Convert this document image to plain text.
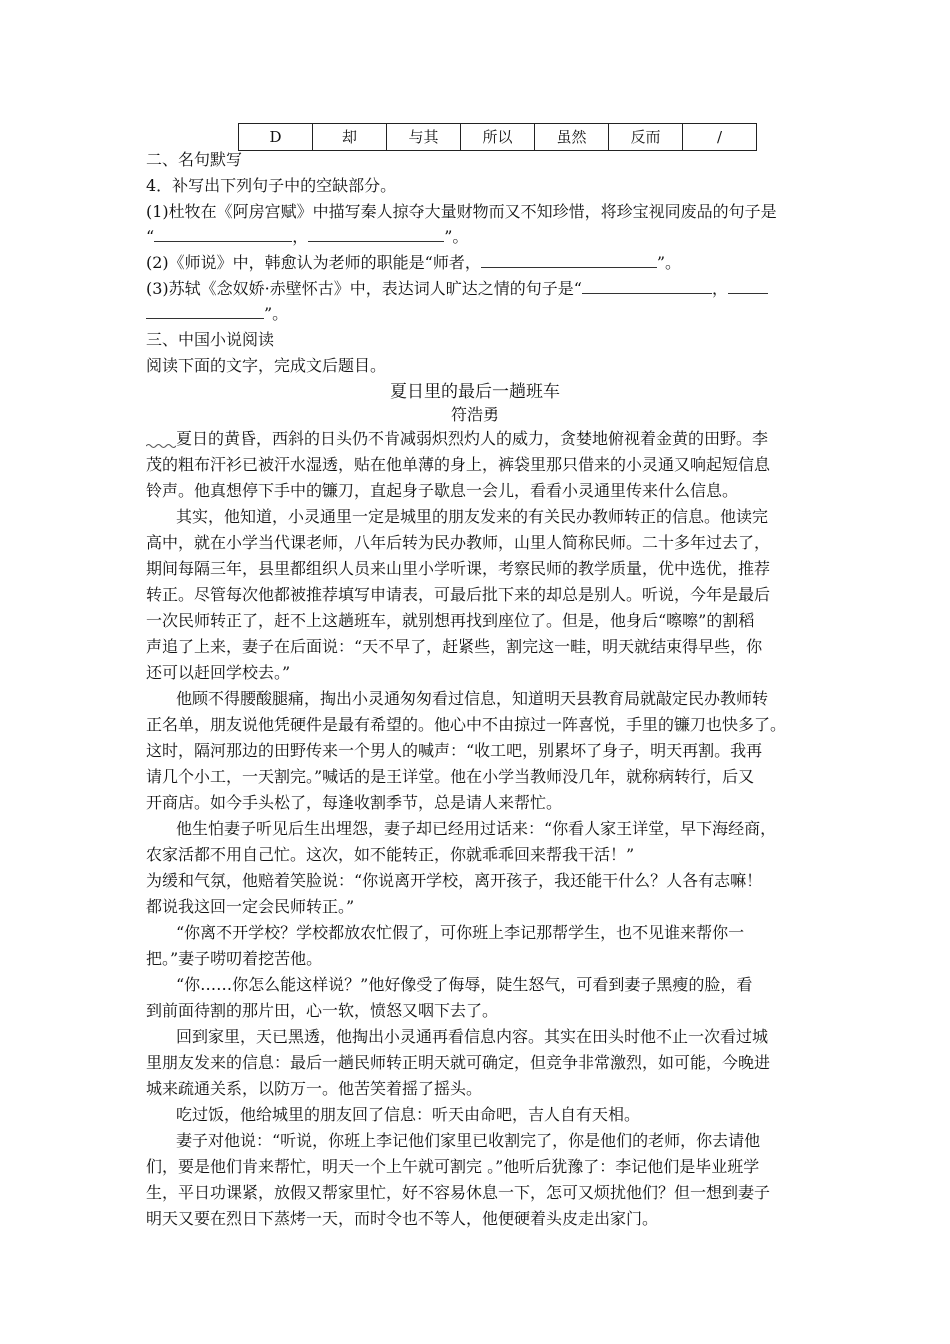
D	却	与其	所以	虽然	反而	/
二、名句默写
4．补写出下列句子中的空缺部分。
(1)杜牧在《阿房宫赋》中描写秦人掠夺大量财物而又不知珍惜，将珍宝视同废品的句子是
“	，	”。
(2)《师说》中，韩愈认为老师的职能是“师者，	”。
(3)苏轼《念奴娇·赤壁怀古》中，表达词人旷达之情的句子是“	，
”。
三、中国小说阅读
阅读下面的文字，完成文后题目。
夏日里的最后一趟班车
符浩勇
夏日的黄昏，西斜的日头仍不肯减弱炽烈灼人的威力，贪婪地俯视着金黄的田野。李
茂的粗布汗衫已被汗水湿透，贴在他单薄的身上，裤袋里那只借来的小灵通又响起短信息
铃声。他真想停下手中的镰刀，直起身子歇息一会儿，看看小灵通里传来什么信息。
其实，他知道，小灵通里一定是城里的朋友发来的有关民办教师转正的信息。他读完
高中，就在小学当代课老师，八年后转为民办教师，山里人简称民师。二十多年过去了，
期间每隔三年，县里都组织人员来山里小学听课，考察民师的教学质量，优中选优，推荐
转正。尽管每次他都被推荐填写申请表，可最后批下来的却总是别人。听说，今年是最后
一次民师转正了，赶不上这趟班车，就别想再找到座位了。但是，他身后“嚓嚓”的割稻
声追了上来，妻子在后面说：“天不早了，赶紧些，割完这一畦，明天就结束得早些，你
还可以赶回学校去。”
他顾不得腰酸腿痛，掏出小灵通匆匆看过信息，知道明天县教育局就敲定民办教师转
正名单，朋友说他凭硬件是最有希望的。他心中不由掠过一阵喜悦，手里的镰刀也快多了。
这时，隔河那边的田野传来一个男人的喊声：“收工吧，别累坏了身子，明天再割。我再
请几个小工，一天割完。”喊话的是王详堂。他在小学当教师没几年，就称病转行，后又
开商店。如今手头松了，每逢收割季节，总是请人来帮忙。
他生怕妻子听见后生出埋怨，妻子却已经用过话来：“你看人家王详堂，早下海经商，
农家活都不用自己忙。这次，如不能转正，你就乖乖回来帮我干活！”
为缓和气氛，他赔着笑脸说：“你说离开学校，离开孩子，我还能干什么？人各有志嘛！
都说我这回一定会民师转正。”
“你离不开学校？学校都放农忙假了，可你班上李记那帮学生，也不见谁来帮你一
把。”妻子唠叨着挖苦他。
“你……你怎么能这样说？”他好像受了侮辱，陡生怒气，可看到妻子黑瘦的脸，看
到前面待割的那片田，心一软，愤怒又咽下去了。
回到家里，天已黑透，他掏出小灵通再看信息内容。其实在田头时他不止一次看过城
里朋友发来的信息：最后一趟民师转正明天就可确定，但竞争非常激烈，如可能，今晚进
城来疏通关系，以防万一。他苦笑着摇了摇头。
吃过饭，他给城里的朋友回了信息：听天由命吧，吉人自有天相。
妻子对他说：“听说，你班上李记他们家里已收割完了，你是他们的老师，你去请他
们，要是他们肯来帮忙，明天一个上午就可割完 。”他听后犹豫了：李记他们是毕业班学
生，平日功课紧，放假又帮家里忙，好不容易休息一下，怎可又烦扰他们？但一想到妻子
明天又要在烈日下蒸烤一天，而时令也不等人，他便硬着头皮走出家门。
